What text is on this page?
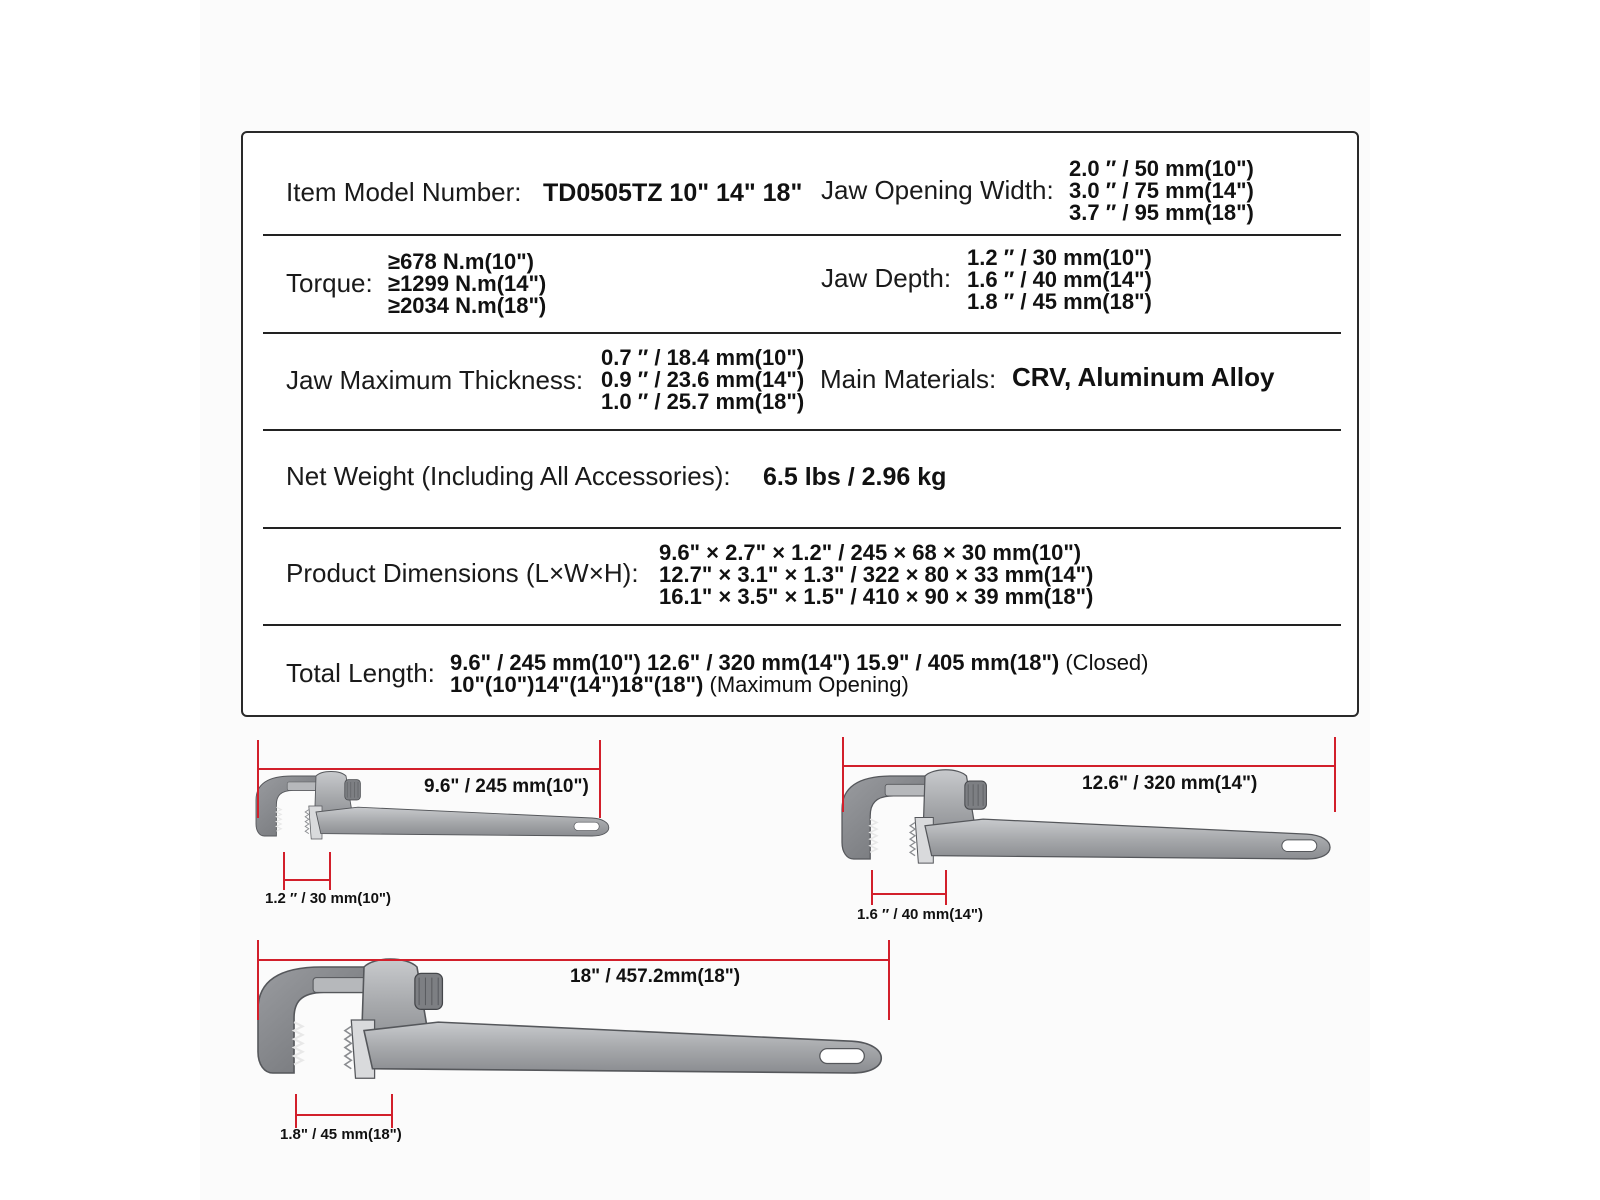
Item Model Number: TD0505TZ 10" 14" 18" Jaw Opening Width:
2.0 ″ / 50 mm(10")
3.0 ″ / 75 mm(14")
3.7 ″ / 95 mm(18")
Torque:
≥678 N.m(10")
≥1299 N.m(14")
≥2034 N.m(18")
Jaw Depth:
1.2 ″ / 30 mm(10")
1.6 ″ / 40 mm(14")
1.8 ″ / 45 mm(18")
Jaw Maximum Thickness:
0.7 ″ / 18.4 mm(10")
0.9 ″ / 23.6 mm(14")
1.0 ″ / 25.7 mm(18")
Main Materials: CRV, Aluminum Alloy
Net Weight (Including All Accessories): 6.5 lbs / 2.96 kg
Product Dimensions (L×W×H):
9.6" × 2.7" × 1.2" / 245 × 68 × 30 mm(10")
12.7" × 3.1" × 1.3" / 322 × 80 × 33 mm(14")
16.1" × 3.5" × 1.5" / 410 × 90 × 39 mm(18")
Total Length: 9.6" / 245 mm(10") 12.6" / 320 mm(14") 15.9" / 405 mm(18") (Closed)
10"(10")14"(14")18"(18") (Maximum Opening)
9.6" / 245 mm(10")
1.2 ″ / 30 mm(10")
12.6" / 320 mm(14")
1.6 ″ / 40 mm(14")
18" / 457.2mm(18")
1.8" / 45 mm(18")
